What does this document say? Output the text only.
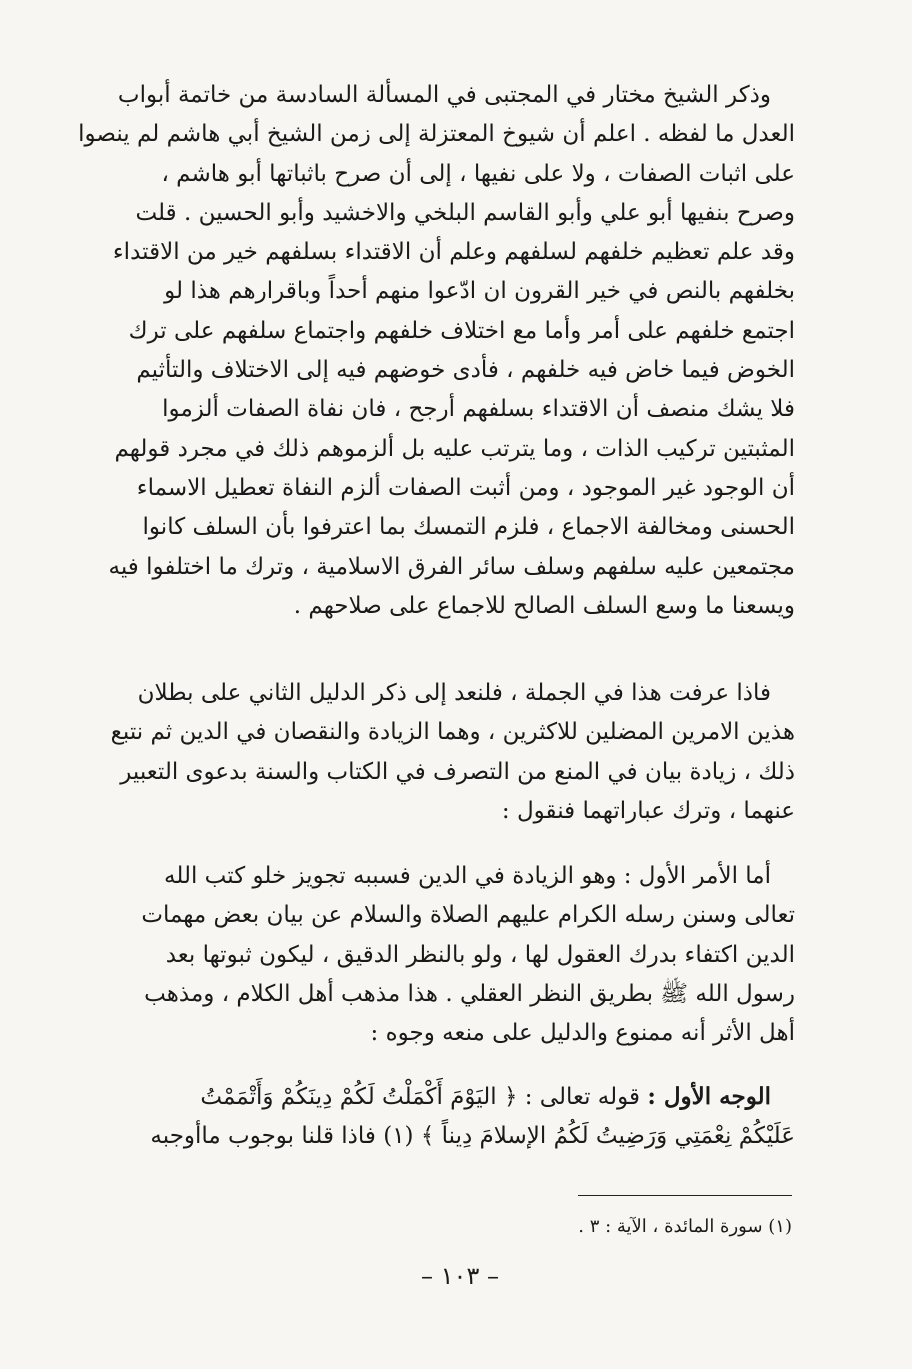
وذكر الشيخ مختار في المجتبى في المسألة السادسة من خاتمة أبواب
العدل ما لفظه . اعلم أن شيوخ المعتزلة إلى زمن الشيخ أبي هاشم لم ينصوا
على اثبات الصفات ، ولا على نفيها ، إلى أن صرح باثباتها أبو هاشم ،
وصرح بنفيها أبو علي وأبو القاسم البلخي والاخشيد وأبو الحسين . قلت
وقد علم تعظيم خلفهم لسلفهم وعلم أن الاقتداء بسلفهم خير من الاقتداء
بخلفهم بالنص في خير القرون ان ادّعوا منهم أحداً وباقرارهم هذا لو
اجتمع خلفهم على أمر وأما مع اختلاف خلفهم واجتماع سلفهم على ترك
الخوض فيما خاض فيه خلفهم ، فأدى خوضهم فيه إلى الاختلاف والتأثيم
فلا يشك منصف أن الاقتداء بسلفهم أرجح ، فان نفاة الصفات ألزموا
المثبتين تركيب الذات ، وما يترتب عليه بل ألزموهم ذلك في مجرد قولهم
أن الوجود غير الموجود ، ومن أثبت الصفات ألزم النفاة تعطيل الاسماء
الحسنى ومخالفة الاجماع ، فلزم التمسك بما اعترفوا بأن السلف كانوا
مجتمعين عليه سلفهم وسلف سائر الفرق الاسلامية ، وترك ما اختلفوا فيه
ويسعنا ما وسع السلف الصالح للاجماع على صلاحهم .
فاذا عرفت هذا في الجملة ، فلنعد إلى ذكر الدليل الثاني على بطلان
هذين الامرين المضلين للاكثرين ، وهما الزيادة والنقصان في الدين ثم نتبع
ذلك ، زيادة بيان في المنع من التصرف في الكتاب والسنة بدعوى التعبير
عنهما ، وترك عباراتهما فنقول :
أما الأمر الأول : وهو الزيادة في الدين فسببه تجويز خلو كتب الله
تعالى وسنن رسله الكرام عليهم الصلاة والسلام عن بيان بعض مهمات
الدين اكتفاء بدرك العقول لها ، ولو بالنظر الدقيق ، ليكون ثبوتها بعد
رسول الله ﷺ بطريق النظر العقلي . هذا مذهب أهل الكلام ، ومذهب
أهل الأثر أنه ممنوع والدليل على منعه وجوه :
الوجه الأول : قوله تعالى : ﴿ اليَوْمَ أَكْمَلْتُ لَكُمْ دِينَكُمْ وَأَتْمَمْتُ
عَلَيْكُمْ نِعْمَتِي وَرَضِيتُ لَكُمُ الإسلامَ دِيناً ﴾ (١) فاذا قلنا بوجوب ماأوجبه
(١) سورة المائدة ، الآية : ٣ .
– ١٠٣ –
